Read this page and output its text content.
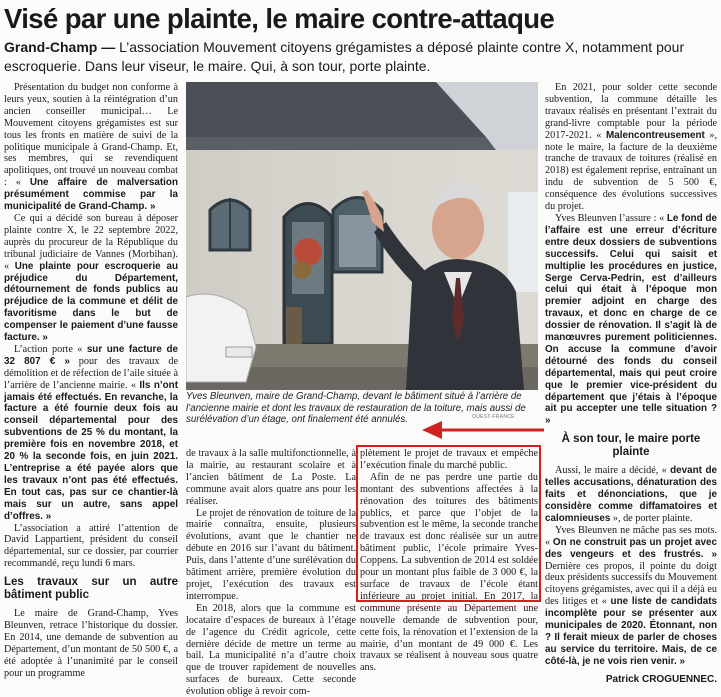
Visé par une plainte, le maire contre-attaque
Grand-Champ — L’association Mouvement citoyens grégamistes a déposé plainte contre X, notamment pour escroquerie. Dans leur viseur, le maire. Qui, à son tour, porte plainte.

Présentation du budget non conforme à leurs yeux, soutien à la réintégration d’un ancien conseiller municipal… Le Mouvement citoyens grégamistes est sur tous les fronts en matière de suivi de la politique municipale à Grand-Champ. Et, ses membres, qui se revendiquent apolitiques, ont trouvé un nouveau combat : « Une affaire de malversation présumément commise par la municipalité de Grand-Champ. »

Ce qui a décidé son bureau à déposer plainte contre X, le 22 septembre 2022, auprès du procureur de la République du tribunal judiciaire de Vannes (Morbihan). « Une plainte pour escroquerie au préjudice du Département, détournement de fonds publics au préjudice de la commune et délit de favoritisme dans le but de compenser le paiement d’une fausse facture. »

L’action porte « sur une facture de 32 807 € » pour des travaux de démolition et de réfection de l’aile située à l’arrière de l’ancienne mairie. « Ils n’ont jamais été effectués. En revanche, la facture a été fournie deux fois au conseil départemental pour des subventions de 25 % du montant, la première fois en novembre 2018, et 20 % la seconde fois, en juin 2021. L’entreprise a été payée alors que les travaux n’ont pas été effectués. En tout cas, pas sur ce chantier-là mais sur un autre, sans appel d’offres. »

L’association a attiré l’attention de David Lappartient, président du conseil départemental, sur ce dossier, par courrier recommandé, reçu lundi 6 mars.

Les travaux sur un autre bâtiment public

Le maire de Grand-Champ, Yves Bleunven, retrace l’historique du dossier. En 2014, une demande de subvention au Département, d’un montant de 50 500 €, a été adoptée à l’unanimité par le conseil pour un programme

Yves Bleunven, maire de Grand-Champ, devant le bâtiment situé à l’arrière de l’ancienne mairie et dont les travaux de restauration de la toiture, mais aussi de surélévation d’un étage, ont finalement été annulés.	OUEST-FRANCE

de travaux à la salle multifonctionnelle, à la mairie, au restaurant scolaire et à l’ancien bâtiment de La Poste. La commune avait alors quatre ans pour les réaliser.

Le projet de rénovation de toiture de la mairie connaîtra, ensuite, plusieurs évolutions, avant que le chantier ne débute en 2016 sur l’avant du bâtiment. Puis, dans l’attente d’une surélévation du bâtiment arrière, première évolution du projet, l’exécution des travaux est interrompue.

En 2018, alors que la commune est locataire d’espaces de bureaux à l’étage de l’agence du Crédit agricole, cette dernière décide de mettre un terme au bail. La municipalité n’a d’autre choix que de trouver rapidement de nouvelles surfaces de bureaux. Cette seconde évolution oblige à revoir com-

plètement le projet de travaux et empêche l’exécution finale du marché public.

Afin de ne pas perdre une partie du montant des subventions affectées à la rénovation des toitures des bâtiments publics, et parce que l’objet de la subvention est le même, la seconde tranche de travaux est donc réalisée sur un autre bâtiment public, l’école primaire Yves-Coppens. La subvention de 2014 est soldée pour un montant plus faible de 3 000 €, la surface de travaux de l’école étant inférieure au projet initial. En 2017, la commune présente au Département une nouvelle demande de subvention pour, cette fois, la rénovation et l’extension de la mairie, d’un montant de 49 000 €. Les travaux se réalisent à nouveau sous quatre ans.

En 2021, pour solder cette seconde subvention, la commune détaille les travaux réalisés en présentant l’extrait du grand-livre comptable pour la période 2017-2021. « Malencontreusement », note le maire, la facture de la deuxième tranche de travaux de toitures (réalisé en 2018) est également reprise, entraînant un indu de subvention de 5 500 €, conséquence des évolutions successives du projet.

Yves Bleunven l’assure : « Le fond de l’affaire est une erreur d’écriture entre deux dossiers de subventions successifs. Celui qui saisit et multiplie les procédures en justice, Serge Cerva-Pedrin, est d’ailleurs celui qui était à l’époque mon premier adjoint en charge des travaux, et donc en charge de ce dossier de rénovation. Il s’agit là de manœuvres purement politiciennes. On accuse la commune d’avoir détourné des fonds du conseil départemental, mais qui peut croire que le premier vice-président du département que j’étais à l’époque ait pu accepter une telle situation ? »

À son tour, le maire porte plainte

Aussi, le maire a décidé, « devant de telles accusations, dénaturation des faits et dénonciations, que je considère comme diffamatoires et calomnieuses », de porter plainte.

Yves Bleunven ne mâche pas ses mots. « On ne construit pas un projet avec des vengeurs et des frustrés. » Dernière ces propos, il pointe du doigt deux présidents successifs du Mouvement citoyens grégamistes, avec qui il a déjà eu des litiges et « une liste de candidats incomplète pour se présenter aux municipales de 2020. Étonnant, non ? Il ferait mieux de parler de choses au service du territoire. Mais, de ce côté-là, je ne vois rien venir. »

Patrick CROGUENNEC.
